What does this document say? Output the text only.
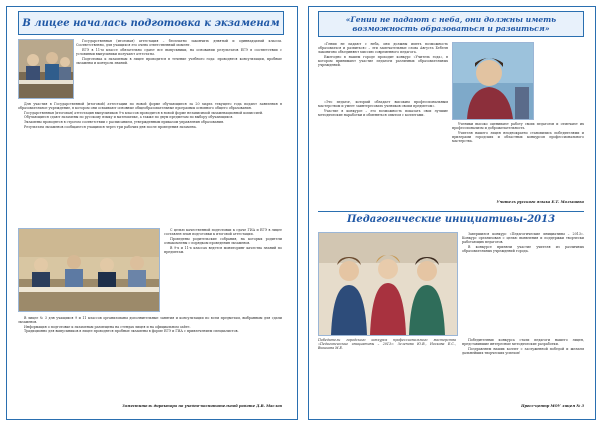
В лицее началась подготовка к экзаменам

Государственная (итоговая) аттестация – бесплатно закончить девятый и одиннадцатый классы. Соответственно, для учащихся это очень ответственный момент.

ЕГЭ в 11-м классе обязательно сдают все выпускники, на основании результатов ЕГЭ в соответствии с условиями выпускники получают аттестаты.

Подготовка к экзаменам в лицее проводится в течение учебного года: проводятся консультации, пробные экзамены и контроль знаний.

Для участия в Государственной (итоговой) аттестации по новой форме обучающиеся за 20 марта текущего года подают заявления в образовательное учреждение, в котором они осваивают основные общеобразовательные программы основного общего образования.

Государственная (итоговая) аттестация выпускников 9-х классов проводится в новой форме независимой экзаменационной комиссией.

Обучающиеся сдают экзамены по русскому языку и математике, а также по двум предметам по выбору обучающихся.

Экзамены проводятся в строгом соответствии с расписанием, утвержденным приказом управления образования.

Результаты экзаменов сообщаются учащимся через три рабочих дня после проведения экзамена.

С целью качественной подготовки к сдаче ГИА и ЕГЭ в лицее составлен план подготовки к итоговой аттестации.

Проведены родительские собрания, на которых родители ознакомлены с порядком проведения экзаменов.

В 9-х и 11-х классах ведется мониторинг качества знаний по предметам.

В лицее № 3 для учащихся 9 и 11 классов организованы дополнительные занятия и консультации по всем предметам, выбранным для сдачи экзаменов.

Информация о подготовке к экзаменам размещена на стендах лицея и на официальном сайте.

Традиционно для выпускников в лицее проводятся пробные экзамены в форме ЕГЭ и ГИА с привлечением специалистов.

Заместитель директора по учебно-воспитательной работе Д.В. Маслов
«Гении не падают с неба, они должны иметь возможность образоваться и развиться»

«Гении не падают с неба, они должны иметь возможность образоваться и развиться» – эти замечательные слова Августа Бебеля лаконично объединяют миссию современного педагога.

Ежегодно в нашем городе проходит конкурс «Учитель года», в котором принимают участие педагоги различных образовательных учреждений.

«Это педагог, который обладает высоким профессиональным мастерством и умеет заинтересовать учеников своим предметом».

Участие в конкурсе – это возможность показать свои лучшие методические наработки и обменяться опытом с коллегами.

Ученики высоко оценивают работу своих педагогов и отмечают их профессионализм и доброжелательность.

Учителя нашего лицея неоднократно становились победителями и призерами городских и областных конкурсов профессионального мастерства.

Учитель русского языка Е.Т. Малышева
Педагогические инициативы-2013

Завершился конкурс «Педагогические инициативы – 2013». Конкурс организован с целью выявления и поддержки творчески работающих педагогов.

В конкурсе приняли участие учителя из различных образовательных учреждений города.

Победители городского конкурса профессионального мастерства «Педагогические инициативы – 2013»: Зеленова Ю.В., Носкова Е.С., Вышкова М.Е.

Победителями конкурса стали педагоги нашего лицея, представившие интересные методические разработки.

Поздравляем наших коллег с заслуженной победой и желаем дальнейших творческих успехов!

Пресс-центр МОУ лицея № 3
